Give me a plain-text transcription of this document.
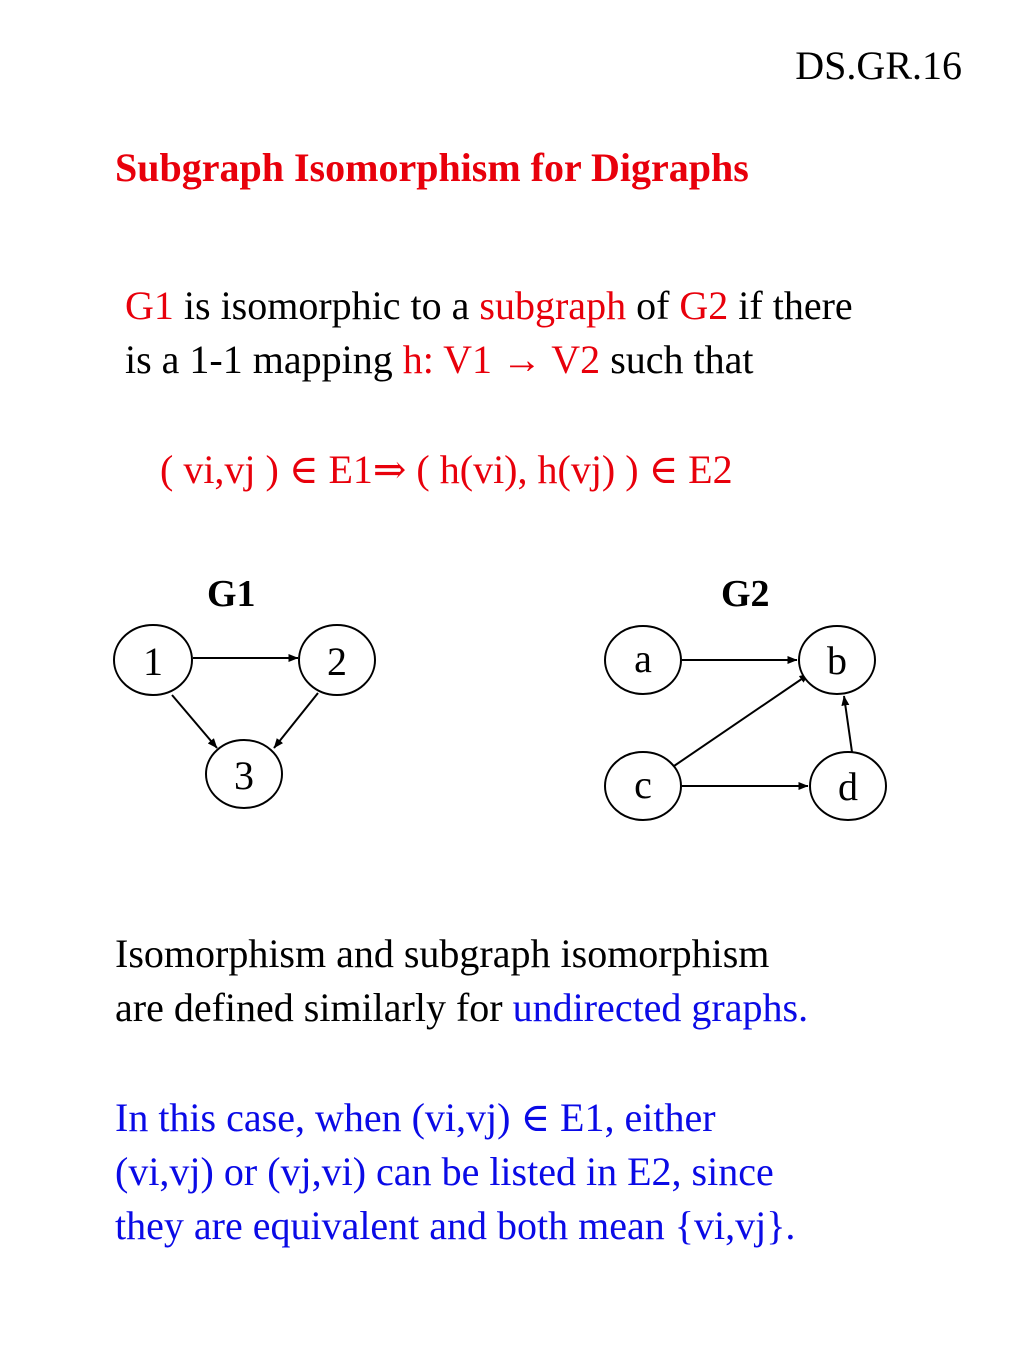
DS.GR.16
Subgraph Isomorphism for Digraphs
G1 is isomorphic to a subgraph of G2 if there
is a 1-1 mapping h: V1 → V2 such that
( vi,vj ) ∈ E1⇒ ( h(vi), h(vj) ) ∈ E2
G1	G2
1	2
3
a	b
c	d
Isomorphism and subgraph isomorphism
are defined similarly for undirected graphs.
In this case, when (vi,vj) ∈ E1, either
(vi,vj) or (vj,vi) can be listed in E2, since
they are equivalent and both mean {vi,vj}.
